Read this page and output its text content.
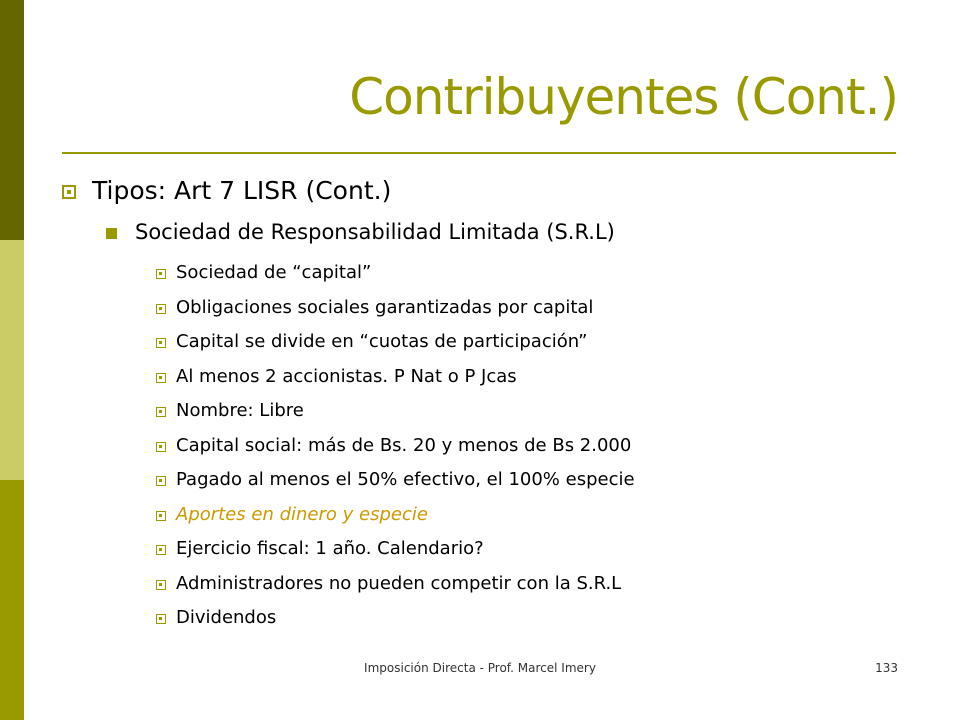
Contribuyentes (Cont.)
Tipos: Art 7 LISR (Cont.)
Sociedad de Responsabilidad Limitada (S.R.L)
Sociedad de “capital”
Obligaciones sociales garantizadas por capital
Capital se divide en “cuotas de participación”
Al menos 2 accionistas. P Nat o P Jcas
Nombre: Libre
Capital social: más de Bs. 20 y menos de Bs 2.000
Pagado al menos el 50% efectivo, el 100% especie
Aportes en dinero y especie
Ejercicio fiscal: 1 año. Calendario?
Administradores no pueden competir con la S.R.L
Dividendos
Imposición Directa - Prof. Marcel Imery	133
